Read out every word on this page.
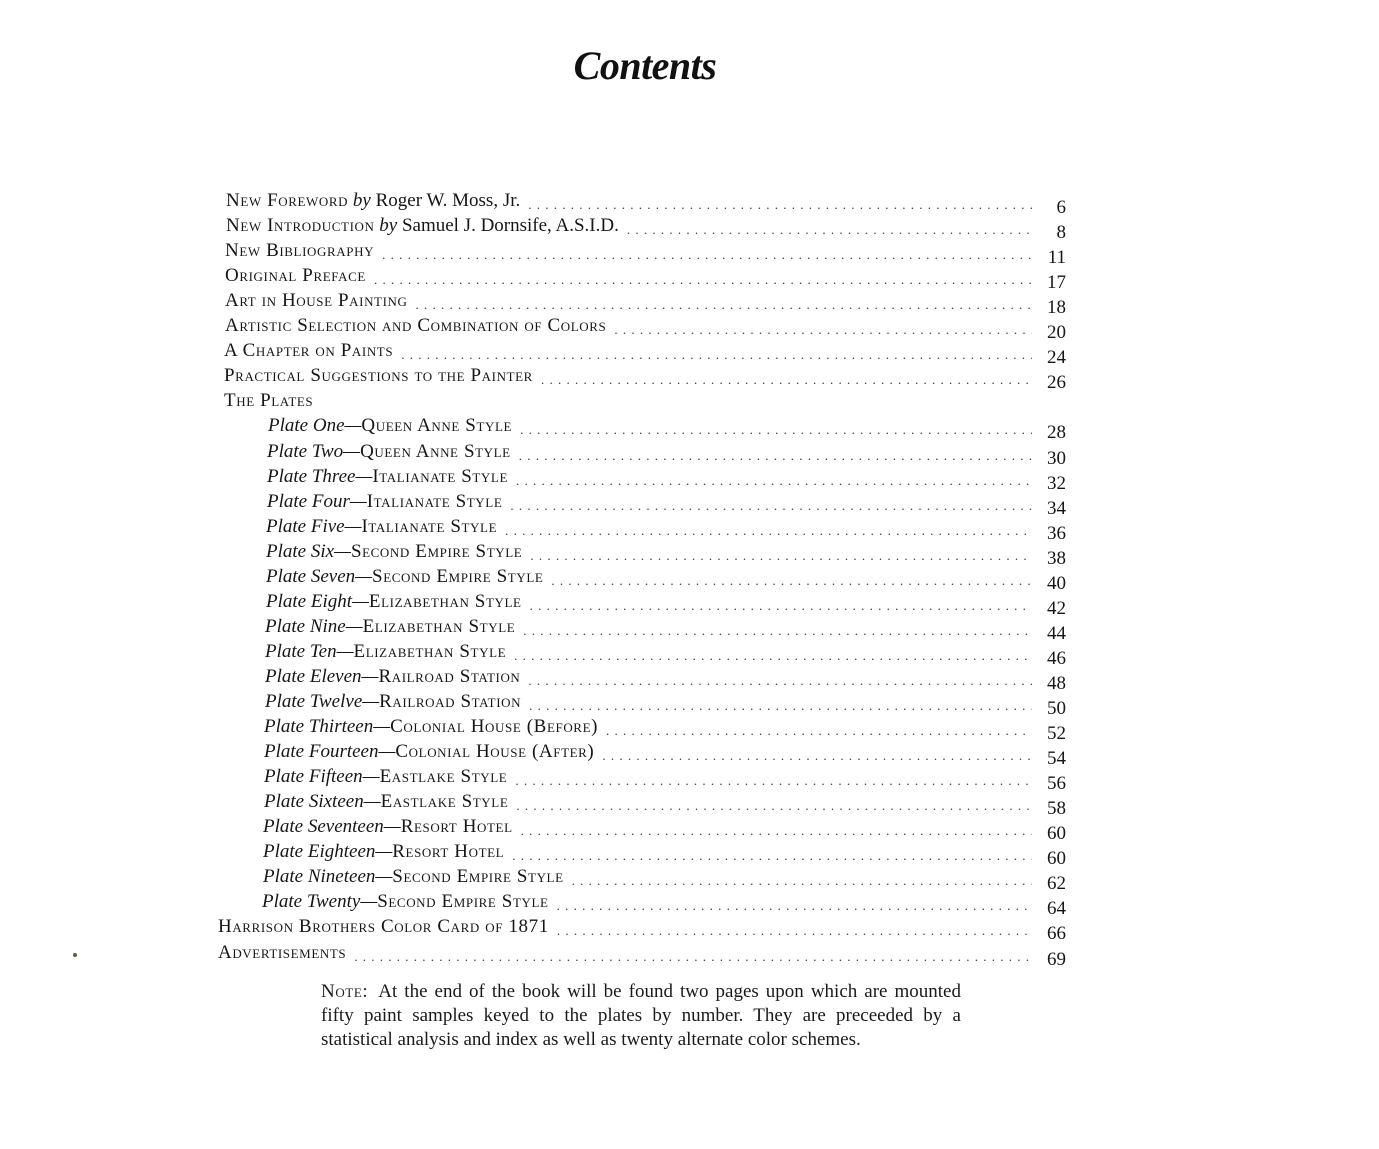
Contents
New Foreword by Roger W. Moss, Jr. . . .	6
New Introduction by Samuel J. Dornsife, A.S.I.D. . . .	8
New Bibliography . . .	11
Original Preface . . .	17
Art in House Painting . . .	18
Artistic Selection and Combination of Colors . . .	20
A Chapter on Paints . . .	24
Practical Suggestions to the Painter . . .	26
The Plates
Plate One—Queen Anne Style . . .	28
Plate Two—Queen Anne Style . . .	30
Plate Three—Italianate Style . . .	32
Plate Four—Italianate Style . . .	34
Plate Five—Italianate Style . . .	36
Plate Six—Second Empire Style . . .	38
Plate Seven—Second Empire Style . . .	40
Plate Eight—Elizabethan Style . . .	42
Plate Nine—Elizabethan Style . . .	44
Plate Ten—Elizabethan Style . . .	46
Plate Eleven—Railroad Station . . .	48
Plate Twelve—Railroad Station . . .	50
Plate Thirteen—Colonial House (Before) . . .	52
Plate Fourteen—Colonial House (After) . . .	54
Plate Fifteen—Eastlake Style . . .	56
Plate Sixteen—Eastlake Style . . .	58
Plate Seventeen—Resort Hotel . . .	60
Plate Eighteen—Resort Hotel . . .	60
Plate Nineteen—Second Empire Style . . .	62
Plate Twenty—Second Empire Style . . .	64
Harrison Brothers Color Card of 1871 . . .	66
Advertisements . . .	69
Note: At the end of the book will be found two pages upon which are mounted fifty paint samples keyed to the plates by number. They are preceeded by a statistical analysis and index as well as twenty alternate color schemes.
